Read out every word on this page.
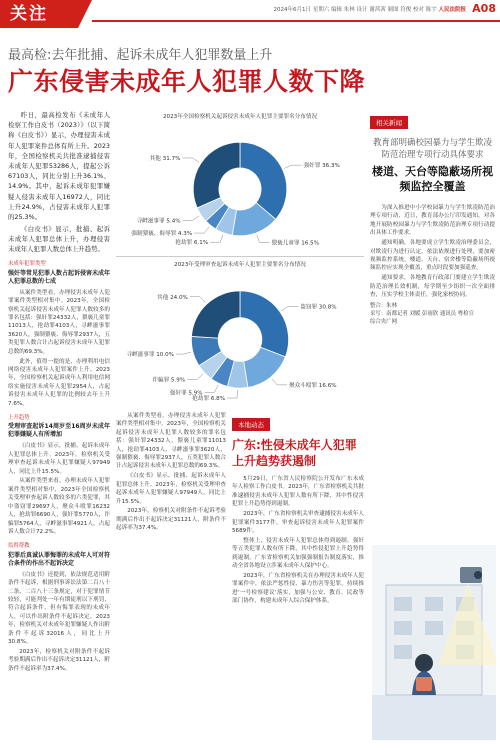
关注	2024年6月1日 星期六 编辑 朱林 设计 谢茜茜 制图 符俊 校对 陈宇 人民法院报 A08
最高检:去年批捕、起诉未成年人犯罪数量上升
广东侵害未成年人犯罪人数下降

昨日，最高检发布《未成年人检察工作白皮书（2023）》（以下简称《白皮书》）显示，办理侵害未成年人犯罪案件总体有所上升。2023年，全国检察机关共批准逮捕侵害未成年人犯罪53286人，提起公诉67103人，同比分别上升36.1%、14.9%。其中，起诉未成年犯罪嫌疑人侵害未成年人16972人，同比上升24.9%，占侵害未成年人犯罪的25.3%。

《白皮书》显示，批捕、起诉未成年人犯罪总体上升，办理侵害未成年人犯罪人数总体上升趋势。

未成年犯罪类型
强奸等常见犯罪人数占起诉侵害未成年人犯罪总数的七成

从案件类型看，办理侵害未成年人犯罪案件类型相对集中。2023年，全国检察机关起诉侵害未成年人犯罪人数较多的罪名包括：强奸罪24332人，猥亵儿童罪11013人，抢劫罪4103人，寻衅滋事罪3620人，强制猥亵、侮辱罪2937人，五类犯罪人数合计占起诉侵害未成年人犯罪总数的69.3%。

此外，值得一提的是，办理利用电信网络侵害未成年人犯罪案件上升。2023年，全国检察机关起诉成年人利用电信网络实施侵害未成年人犯罪2954人，占起诉侵害未成年人犯罪的比例较去年上升7.6%。

上升趋势
受理审查起诉14周岁至16周岁未成年犯罪嫌疑人有所增加

《白皮书》显示，批捕、起诉未成年人犯罪总体上升。2023年，检察机关受理审查起诉未成年人犯罪嫌疑人97949人，同比上升15.5%。

从案件类型来看，办理未成年人犯罪案件类型相对集中，2023年全国检察机关受理审查起诉人数较多的六类犯罪，其中盗窃罪29697人，聚众斗殴罪16232人，抢劫罪6690人，强奸罪5770人，诈骗罪5764人，寻衅滋事罪4921人，占起诉人数合计72.2%。

监督帮教
犯罪后真诚认罪悔罪的未成年人可对符合条件的作出不起诉决定

《白皮书》还提到，依法规范适用附条件不起诉，根据刑事诉讼法第二百八十二条、二百八十三条规定，对于犯罪情节较轻，可能判处一年有期徒刑以下刑罚，符合起诉条件，但有悔罪表现的未成年人，可以作出附条件不起诉决定。2023年，检察机关对未成年犯罪嫌疑人作出附条件不起诉32016人，同比上升30.8%。

2023年，检察机关对附条件不起诉考验期满后作出不起诉决定31121人，附条件不起诉率为37.4%。

2023年全国检察机关起诉侵害未成年人犯罪主要罪名分布情况
强奸罪 36.3%
猥亵儿童罪 16.5%
抢劫罪 6.1%
强制猥亵、侮辱罪 4.3%
寻衅滋事罪 5.4%
其他 31.7%
2023年受理审查起诉未成年人犯罪主要罪名分布情况
盗窃罪 30.8%
聚众斗殴罪 16.6%
抢劫罪 6.8%
强奸罪 5.9%
诈骗罪 5.9%
寻衅滋事罪 10.0%
其他 24.0%

从案件类型看，办理侵害未成年人犯罪案件类型相对集中。2023年，全国检察机关起诉侵害未成年人犯罪人数较多的罪名包括：强奸罪24332人，猥亵儿童罪11013人，抢劫罪4103人，寻衅滋事罪3620人，强制猥亵、侮辱罪2937人，五类犯罪人数合计占起诉侵害未成年人犯罪总数的69.3%。

《白皮书》显示，批捕、起诉未成年人犯罪总体上升。2023年，检察机关受理审查起诉未成年人犯罪嫌疑人97949人，同比上升15.5%。

2023年，检察机关对附条件不起诉考验期满后作出不起诉决定31121人，附条件不起诉率为37.4%。

本地动态
广东:性侵未成年人犯罪上升趋势获遏制

5月29日，广东省人民检察院公开发布广东未成年人检察工作白皮书。2023年，广东省检察机关共批准逮捕侵害未成年人犯罪人数有所下降，其中性侵害犯罪上升趋势得到遏制。

2023年，广东省检察机关审查逮捕侵害未成年人犯罪案件3177件，审查起诉侵害未成年人犯罪案件5689件。

整体上，侵害未成年人犯罪总体得到遏制。强奸等五类犯罪人数有所下降，其中性侵犯罪上升趋势得到遏制。广东省检察机关加强强制报告制度落实，推动全省各地设立涉案未成年人保护中心。

2023年，广东省检察机关在办理侵害未成年人犯罪案件中，依法严惩性侵、暴力伤害等犯罪，持续推进‘一号检察建议’落实，加强与公安、教育、民政等部门协作，构建未成年人综合保护体系。

相关新闻
教育部明确校园暴力与学生欺凌防范治理专项行动具体要求
楼道、天台等隐蔽场所视频监控全覆盖

为深入推进中小学校园暴力与学生欺凌防范治理专项行动，近日，教育部办公厅印发通知，对各地开展防校园暴力与学生欺凌防范治理专项行动提出具体工作要求。

通知明确，各地要成立学生欺凌治理委员会，对欺凌行为进行认定，依法依规进行处理，要加密视频监控系统，楼道、天台、宿舍楼等隐蔽场所视频监控应实现全覆盖，重点时段要加强巡查。

通知要求，各地教育行政部门要建立学生欺凌防范治理长效机制，每学期至少组织一次全面排查，压实学校主体责任，强化家校协同。

整合：朱林
采写：南都记者 刘媛 彭雨欣 通讯员 粤检宣
综合央广网
